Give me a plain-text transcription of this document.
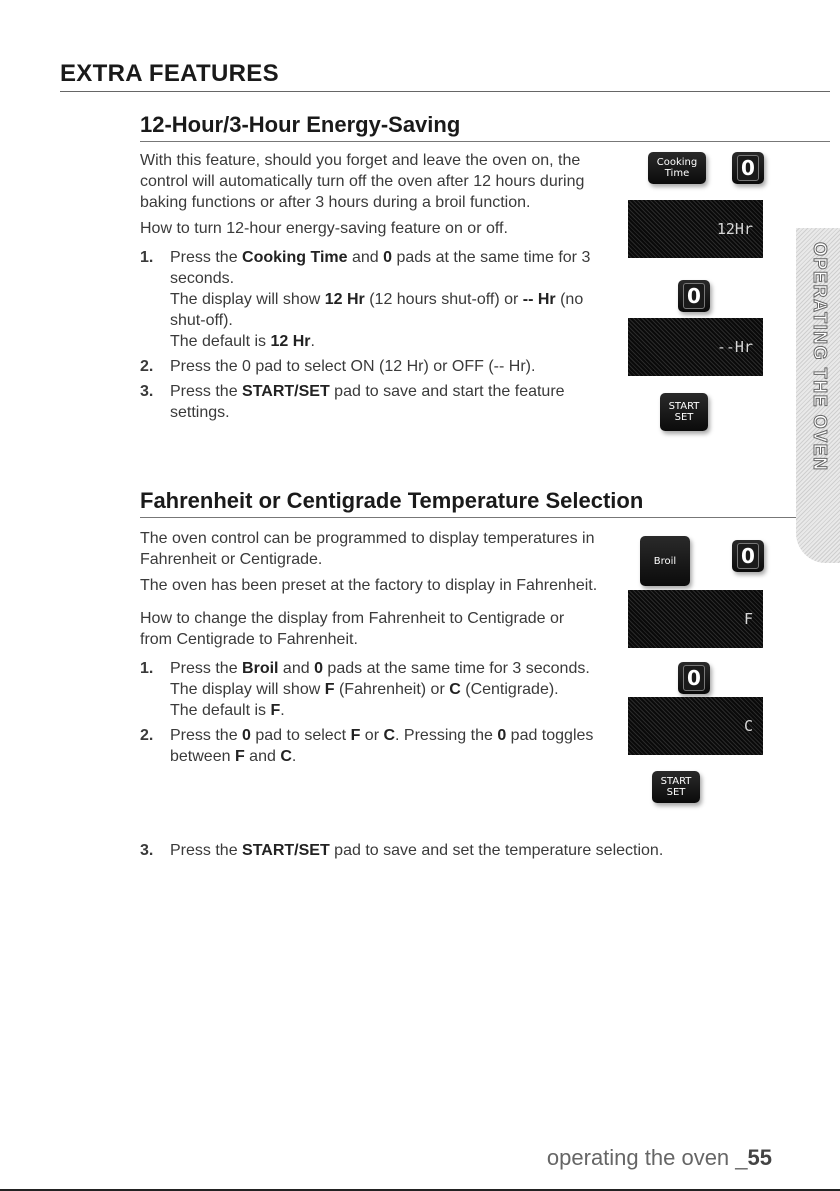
EXTRA FEATURES
12-Hour/3-Hour Energy-Saving

With this feature, should you forget and leave the oven on, the control will automatically turn off the oven after 12 hours during baking functions or after 3 hours during a broil function.

How to turn 12-hour energy-saving feature on or off.

1. Press the Cooking Time and 0 pads at the same time for 3 seconds.
The display will show 12 Hr (12 hours shut-off) or -- Hr (no shut-off).
The default is 12 Hr.
2. Press the 0 pad to select ON (12 Hr) or OFF (-- Hr).
3. Press the START/SET pad to save and start the feature settings.
Cooking
Time	0
12Hr
0
--Hr
START
SET
Fahrenheit or Centigrade Temperature Selection

The oven control can be programmed to display temperatures in Fahrenheit or Centigrade.

The oven has been preset at the factory to display in Fahrenheit.

How to change the display from Fahrenheit to Centigrade or from Centigrade to Fahrenheit.

1. Press the Broil and 0 pads at the same time for 3 seconds.
The display will show F (Fahrenheit) or C (Centigrade).
The default is F.
2. Press the 0 pad to select F or C. Pressing the 0 pad toggles between F and C.
3. Press the START/SET pad to save and set the temperature selection.
Broil	0
F
0
C
START
SET
OPERATING THE OVEN
operating the oven _55
